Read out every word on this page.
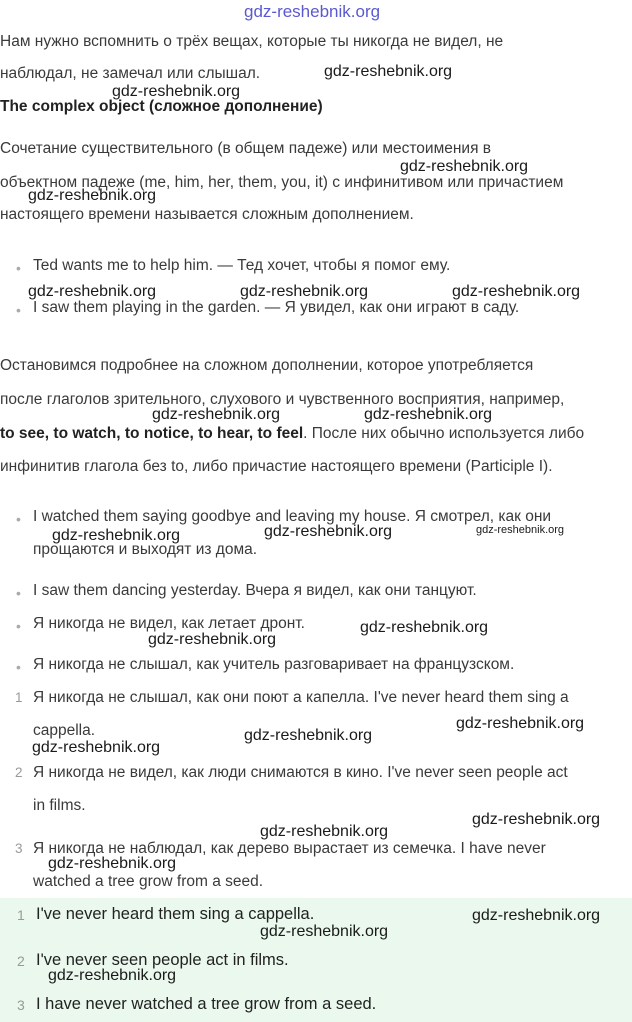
gdz-reshebnik.org
Нам нужно вспомнить о трёх вещах, которые ты никогда не видел, не
наблюдал, не замечал или слышал.
The complex object (сложное дополнение)
Сочетание существительного (в общем падеже) или местоимения в
объектном падеже (me, him, her, them, you, it) с инфинитивом или причастием
настоящего времени называется сложным дополнением.
• Ted wants me to help him. — Тед хочет, чтобы я помог ему.
• I saw them playing in the garden. — Я увидел, как они играют в саду.
Остановимся подробнее на сложном дополнении, которое употребляется
после глаголов зрительного, слухового и чувственного восприятия, например,
to see, to watch, to notice, to hear, to feel. После них обычно используется либо
инфинитив глагола без to, либо причастие настоящего времени (Participle I).
• I watched them saying goodbye and leaving my house. Я смотрел, как они
прощаются и выходят из дома.
• I saw them dancing yesterday. Вчера я видел, как они танцуют.
• Я никогда не видел, как летает дронт.
• Я никогда не слышал, как учитель разговаривает на французском.
1 Я никогда не слышал, как они поют а капелла. I've never heard them sing a
cappella.
2 Я никогда не видел, как люди снимаются в кино. I've never seen people act
in films.
3 Я никогда не наблюдал, как дерево вырастает из семечка. I have never
watched a tree grow from a seed.
1 I've never heard them sing a cappella.
2 I've never seen people act in films.
3 I have never watched a tree grow from a seed.
gdz-reshebnik.org
gdz-reshebnik.org
gdz-reshebnik.org
gdz-reshebnik.org
gdz-reshebnik.org	gdz-reshebnik.org	gdz-reshebnik.org
gdz-reshebnik.org	gdz-reshebnik.org
gdz-reshebnik.org	gdz-reshebnik.org	gdz-reshebnik.org
gdz-reshebnik.org
gdz-reshebnik.org
gdz-reshebnik.org
gdz-reshebnik.org
gdz-reshebnik.org
gdz-reshebnik.org
gdz-reshebnik.org
gdz-reshebnik.org
gdz-reshebnik.org
gdz-reshebnik.org
gdz-reshebnik.org
